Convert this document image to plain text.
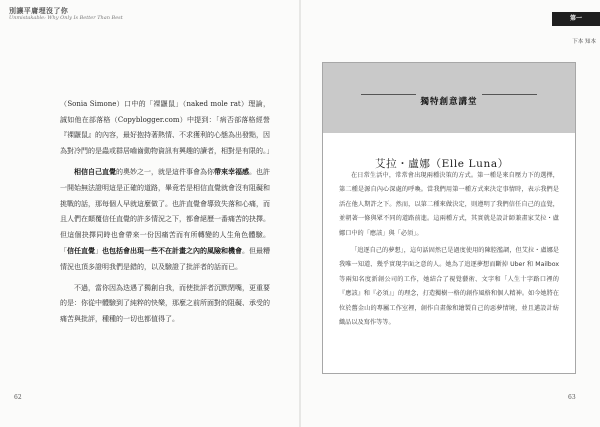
別讓平庸埋沒了你
Unmistakable: Why Only Is Better Than Best
62

（Sonia Simone）口中的「裸鼴鼠」（naked mole rat）理論，誠如他在部落格（Copyblogger.com）中提到：「病否部落格經營『裸鼴鼠』的內容，最好抱持著熱情、不求獲利的心態為出發點，因為對冷門的是蟲或群居嚙齒動物資訊有興趣的讀者，相對是有限的。」

相信自己直覺的奧妙之一，就是這件事會為你帶來幸福感。也許一開始無法證明這是正確的道路，畢竟若是相信直覺就會沒有阻礙和挑戰的話，那每個人早就這麼做了。也許直覺會導致失落和心痛，而且人們在顛覆信任直覺的許多情況之下，都會絕歷一番痛苦的抉擇。但這個抉擇同時也會帶來一份因痛苦而有所轉變的人生角色體驗。「信任直覺」也包括會出現一些不在計畫之內的風險和機會。但最糟情況也頂多證明我們是錯的，以及驗證了批評者的話而已。

不過，當你因為迭遇了獨創自我，而使批評者沉默閉嘴，更重要的是：你從中體驗到了純粹的快樂，那麼之前所面對的阻礙、承受的痛苦與批評，種種的一切也都值得了。

第一
下本 知本
獨特創意講堂
艾拉・盧娜（Elle Luna）

在日常生活中，常常會出現兩種決策的方式。第一種是來自壓力下的選擇，第二種是源自內心深處的呼喚。當我們用第一種方式來決定事情時，表示我們是活在他人期許之下。然而，以第二種來做決定，則遵明了我們信任自己的直覺，並朝著一條與眾不同的道路前進。這兩種方式，其實就是設計師兼畫家艾拉・盧娜口中的「應該」與「必須」。

「追逐自己的夢想」，這句話固然已是過度使用的陳腔濫調，但艾拉・盧娜是我唯一知道、幾乎實現字面之意的人。她為了追逐夢想而斷掉 Uber 和 Mailbox 等兩知名度新創公司的工作，她結合了視覺藝術、文字和「人生十字路口裡的『應該』和『必須』」的理念，打造獨樹一格的創作風格和個人精神。如今她將在位於舊金山的專屬工作室裡，創作自畫像和繪製自己的惡夢情境，並且邁設計紡織品以及寫作等等。

63
